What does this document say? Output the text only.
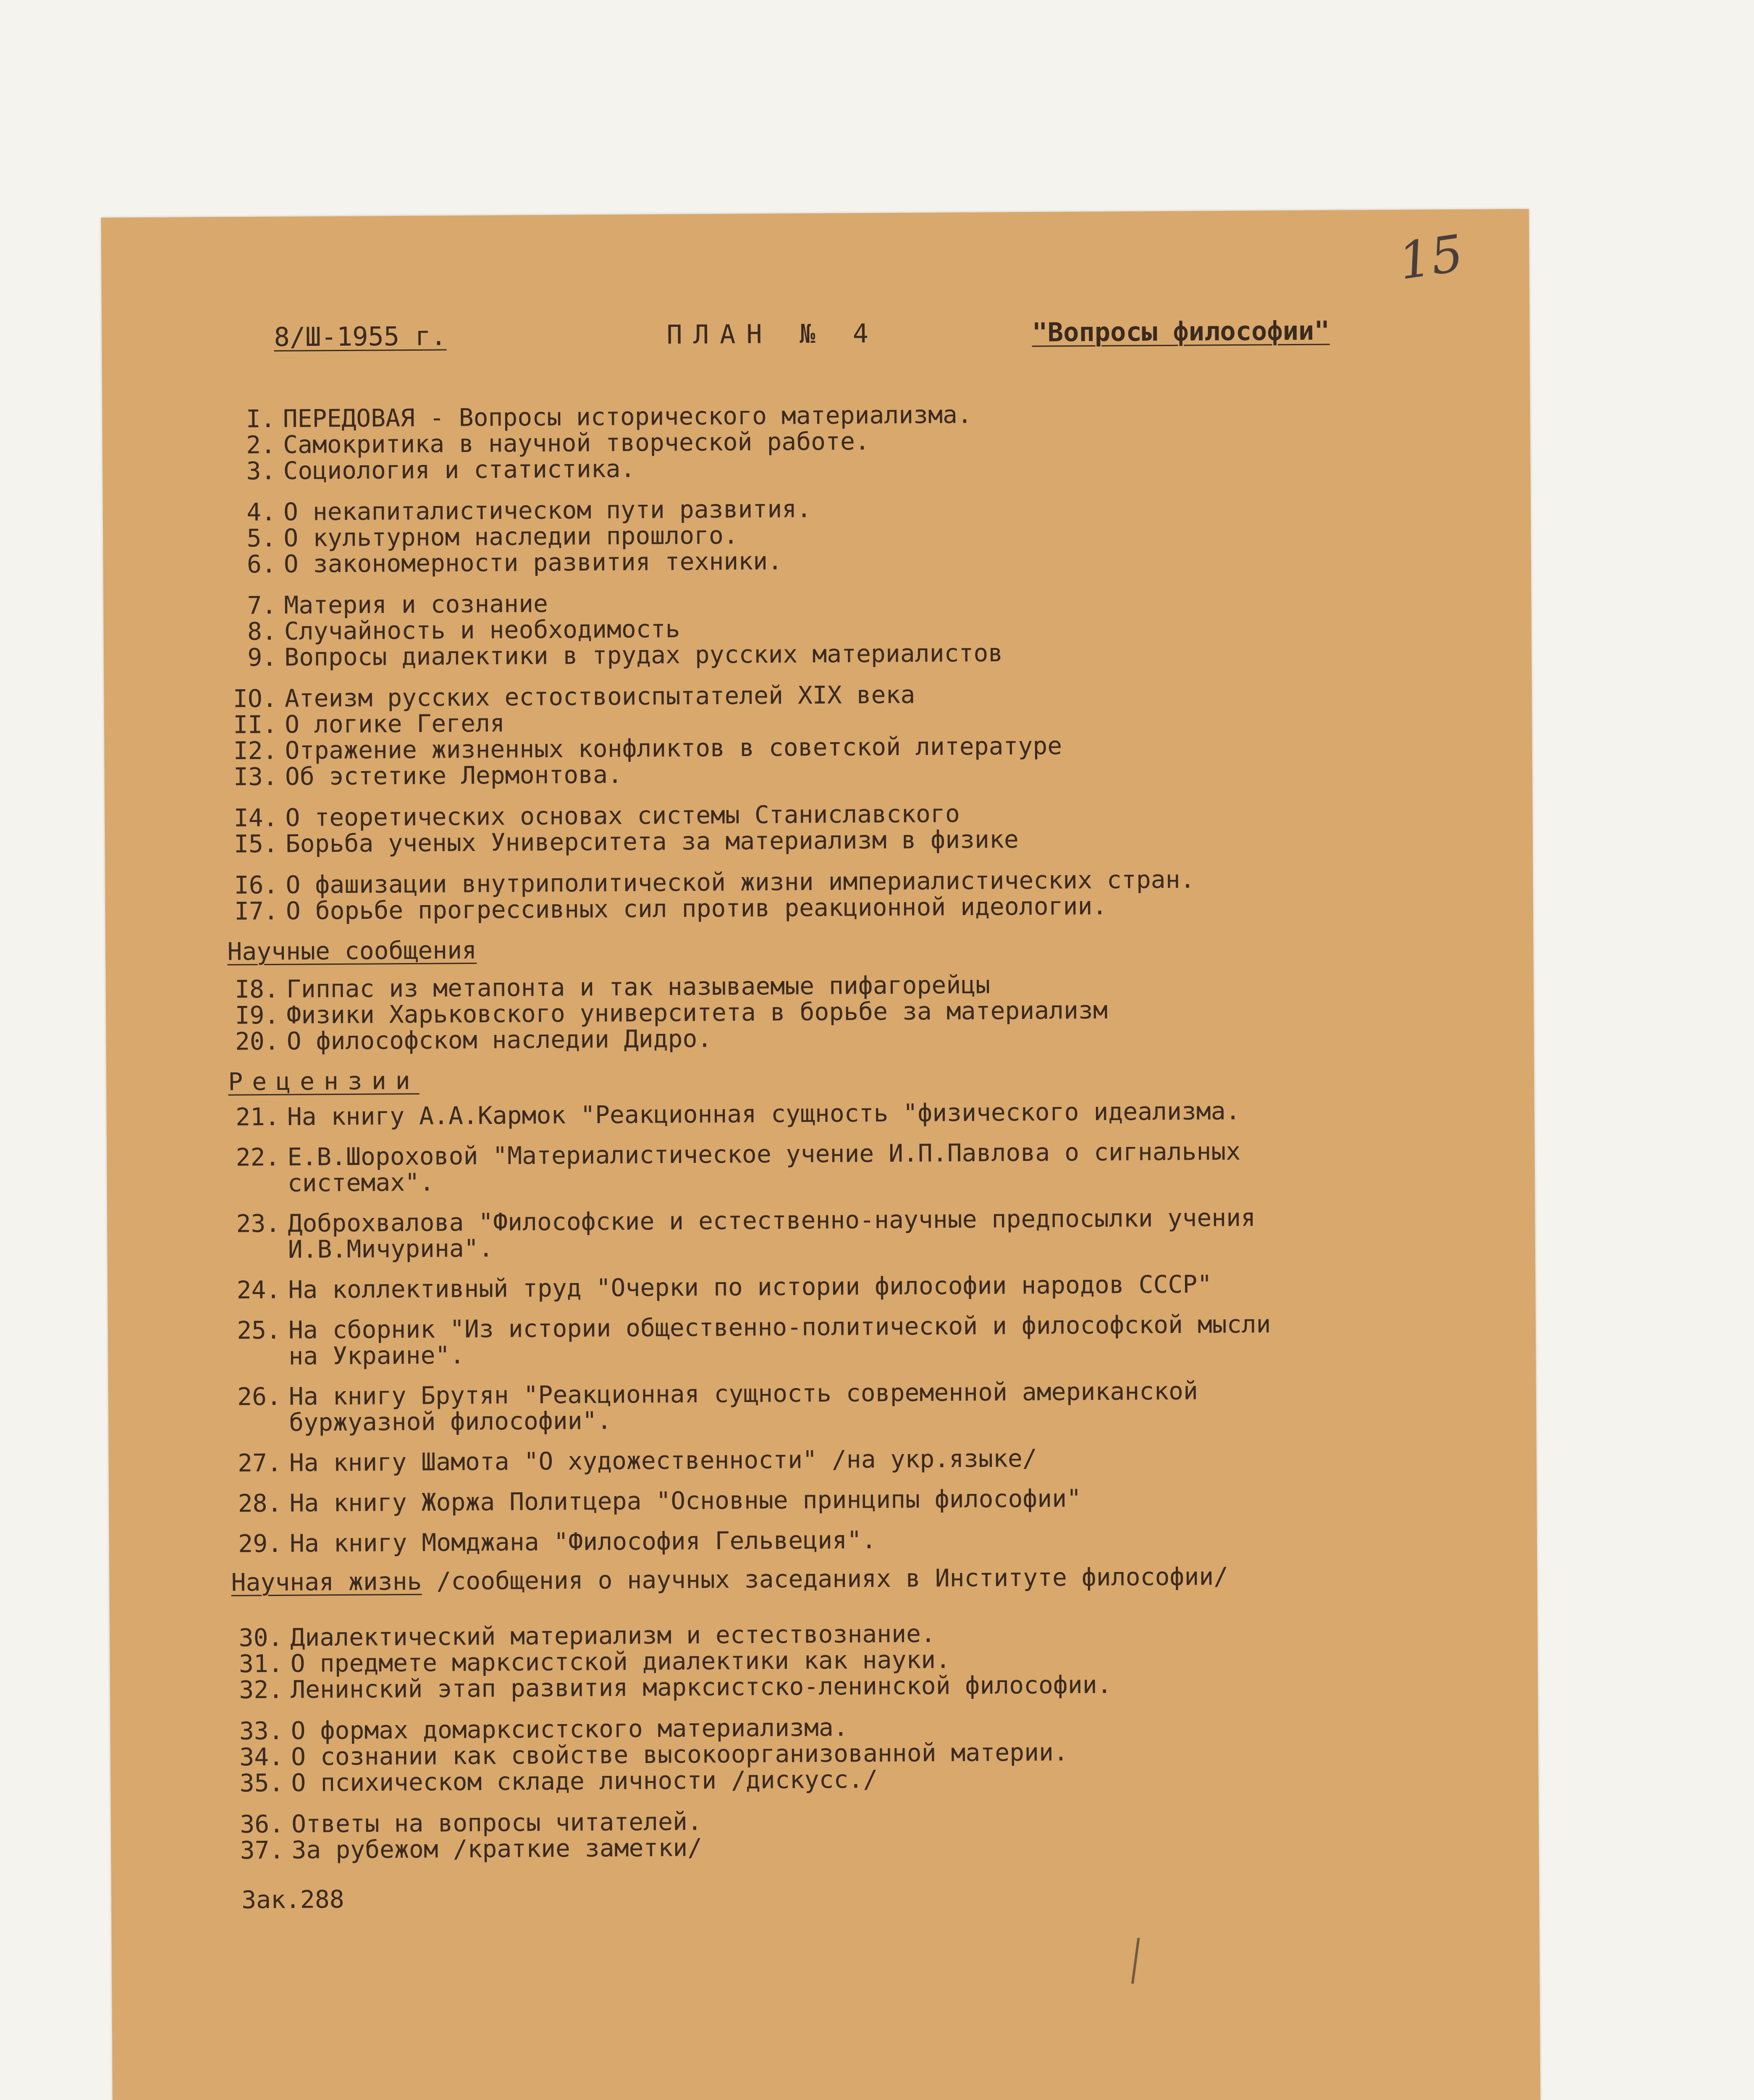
15
8/Ш-1955 г.	ПЛАН № 4	"Вопросы философии"
I. ПЕРЕДОВАЯ - Вопросы исторического материализма.
2. Самокритика в научной творческой работе.
3. Социология и статистика.
4. О некапиталистическом пути развития.
5. О культурном наследии прошлого.
6. О закономерности развития техники.
7. Материя и сознание
8. Случайность и необходимость
9. Вопросы диалектики в трудах русских материалистов
IO. Атеизм русских естоствоиспытателей XIX века
II. О логике Гегеля
I2. Отражение жизненных конфликтов в советской литературе
I3. Об эстетике Лермонтова.
I4. О теоретических основах системы Станиславского
I5. Борьба ученых Университета за материализм в физике
I6. О фашизации внутриполитической жизни империалистических стран.
I7. О борьбе прогрессивных сил против реакционной идеологии.
Научные сообщения
I8. Гиппас из метапонта и так называемые пифагорейцы
I9. Физики Харьковского университета в борьбе за материализм
20. О философском наследии Дидро.
Рецензии
21. На книгу А.А.Кармок "Реакционная сущность "физического идеализма.
22. Е.В.Шороховой "Материалистическое учение И.П.Павлова о сигнальных
системах".
23. Доброхвалова "Философские и естественно-научные предпосылки учения
И.В.Мичурина".
24. На коллективный труд "Очерки по истории философии народов СССР"
25. На сборник "Из истории общественно-политической и философской мысли
на Украине".
26. На книгу Брутян "Реакционная сущность современной американской
буржуазной философии".
27. На книгу Шамота "О художественности" /на укр.языке/
28. На книгу Жоржа Политцера "Основные принципы философии"
29. На книгу Момджана "Философия Гельвеция".
Научная жизнь /сообщения о научных заседаниях в Институте философии/
30. Диалектический материализм и естествознание.
31. О предмете марксистской диалектики как науки.
32. Ленинский этап развития марксистско-ленинской философии.
33. О формах домарксистского материализма.
34. О сознании как свойстве высокоорганизованной материи.
35. О психическом складе личности /дискусс./
36. Ответы на вопросы читателей.
37. За рубежом /краткие заметки/
Зак.288
